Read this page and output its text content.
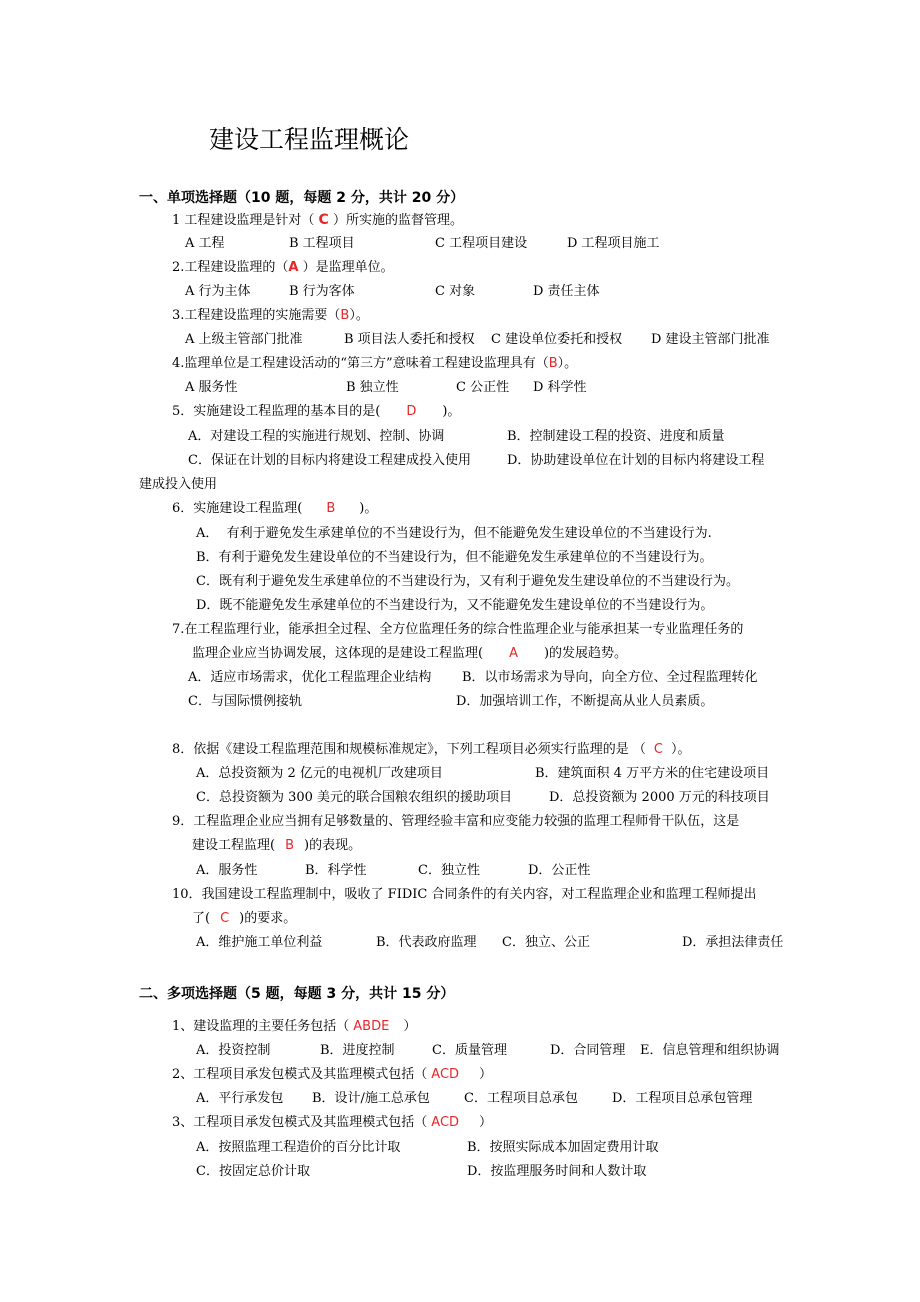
建设工程监理概论
一、单项选择题（10 题，每题 2 分，共计 20 分）
1 工程建设监理是针对（ C ）所实施的监督管理。
A 工程	B 工程项目	C 工程项目建设	D 工程项目施工
2.工程建设监理的（A ）是监理单位。
A 行为主体	B 行为客体	C 对象	D 责任主体
3.工程建设监理的实施需要（B）。
A 上级主管部门批准	B 项目法人委托和授权 C 建设单位委托和授权 D 建设主管部门批准
4.监理单位是工程建设活动的“第三方”意味着工程建设监理具有（B）。
A 服务性	B 独立性	C 公正性 D 科学性
5．实施建设工程监理的基本目的是( D )。
A．对建设工程的实施进行规划、控制、协调	B．控制建设工程的投资、进度和质量
C．保证在计划的目标内将建设工程建成投入使用	D．协助建设单位在计划的目标内将建设工程
建成投入使用
6．实施建设工程监理( B )。
A．  有利于避免发生承建单位的不当建设行为，但不能避免发生建设单位的不当建设行为.
B．有利于避免发生建设单位的不当建设行为，但不能避免发生承建单位的不当建设行为。
C．既有利于避免发生承建单位的不当建设行为，又有利于避免发生建设单位的不当建设行为。
D．既不能避免发生承建单位的不当建设行为，又不能避免发生建设单位的不当建设行为。
7.在工程监理行业，能承担全过程、全方位监理任务的综合性监理企业与能承担某一专业监理任务的
监理企业应当协调发展，这体现的是建设工程监理( A )的发展趋势。
A．适应市场需求，优化工程监理企业结构 B．以市场需求为导向，向全方位、全过程监理转化
C．与国际惯例接轨	D．加强培训工作，不断提高从业人员素质。
8．依据《建设工程监理范围和规模标准规定》，下列工程项目必须实行监理的是 （ C ）。
A．总投资额为 2 亿元的电视机厂改建项目	B．建筑面积 4 万平方米的住宅建设项目
C．总投资额为 300 美元的联合国粮农组织的援助项目	D．总投资额为 2000 万元的科技项目
9．工程监理企业应当拥有足够数量的、管理经验丰富和应变能力较强的监理工程师骨干队伍，这是
建设工程监理( B )的表现。
A．服务性	B．科学性	C．独立性	D．公正性
10．我国建设工程监理制中，吸收了 FIDIC 合同条件的有关内容，对工程监理企业和监理工程师提出
了( C )的要求。
A．维护施工单位利益	B．代表政府监理 C．独立、公正	D．承担法律责任
二、多项选择题（5 题，每题 3 分，共计 15 分）
1、建设监理的主要任务包括（ ABDE ）
A．投资控制	B．进度控制	C．质量管理	D．合同管理 E．信息管理和组织协调
2、工程项目承发包模式及其监理模式包括（ ACD ）
A．平行承发包 B．设计/施工总承包	C．工程项目总承包	D．工程项目总承包管理
3、工程项目承发包模式及其监理模式包括（ ACD ）
A．按照监理工程造价的百分比计取	B．按照实际成本加固定费用计取
C．按固定总价计取	D．按监理服务时间和人数计取
